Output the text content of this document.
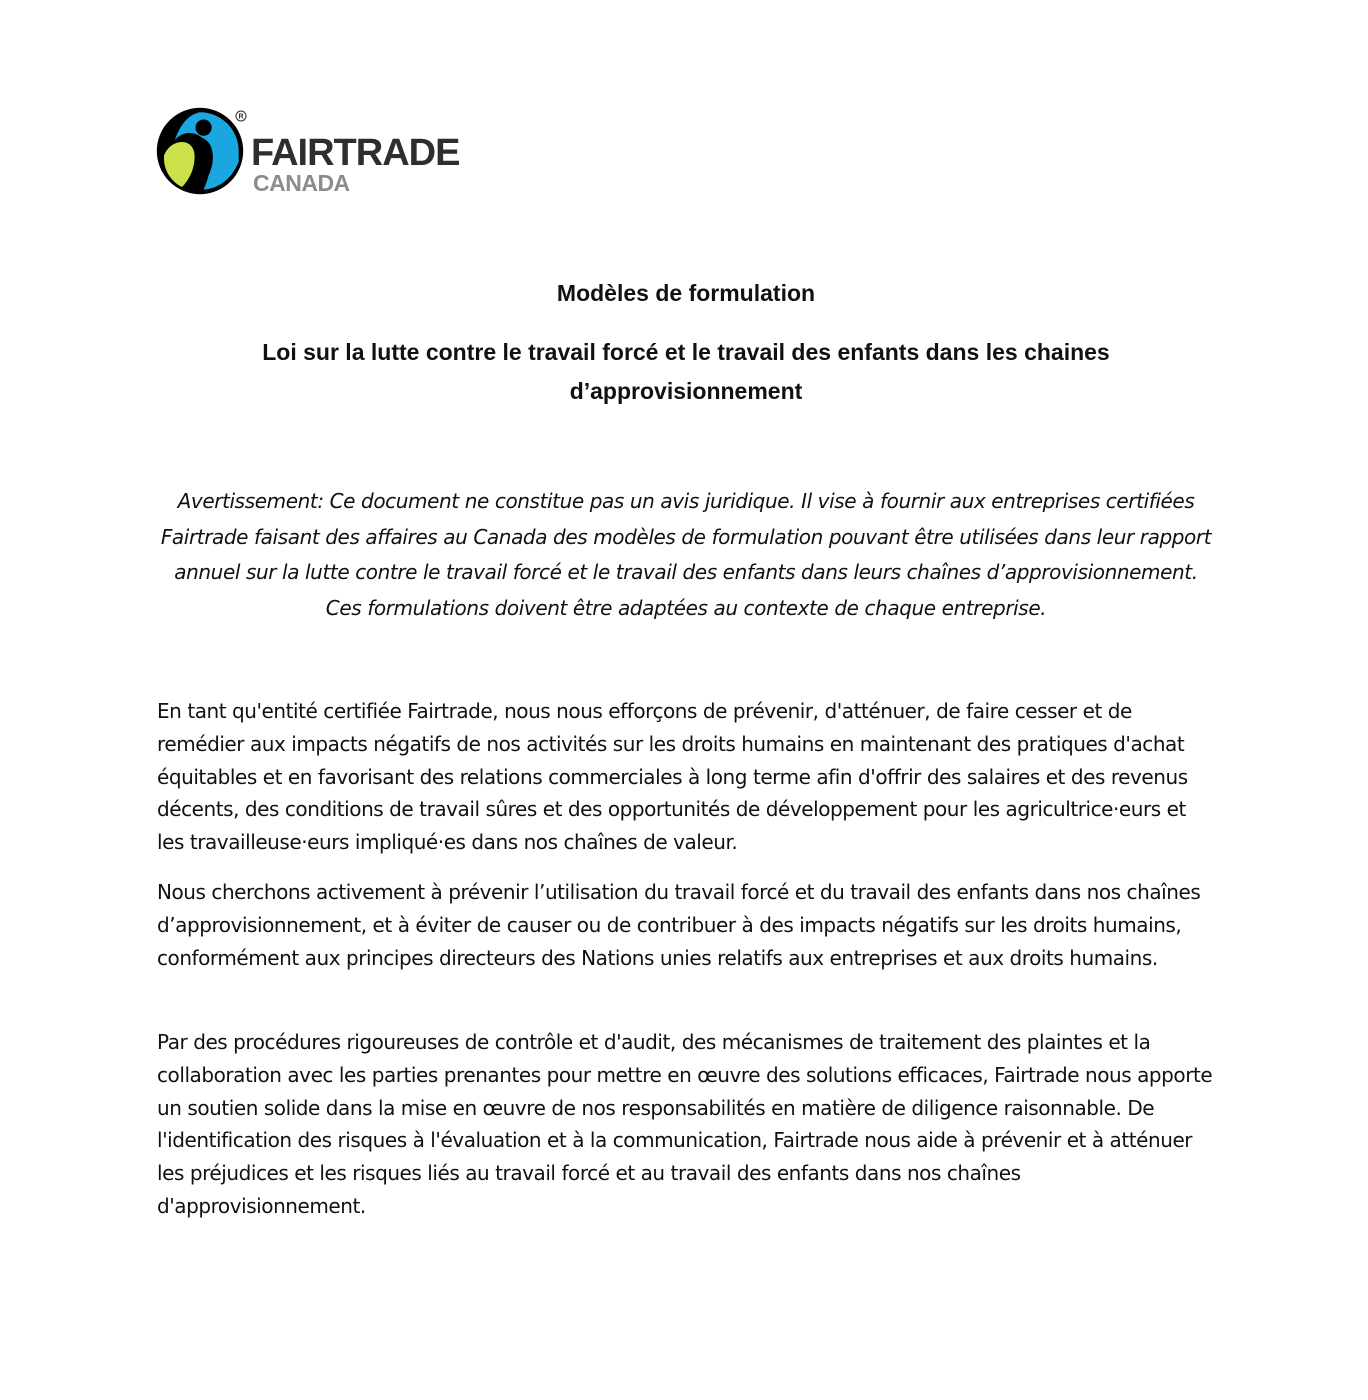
R
FAIRTRADE
CANADA
Modèles de formulation
Loi sur la lutte contre le travail forcé et le travail des enfants dans les chaines d’approvisionnement
Avertissement: Ce document ne constitue pas un avis juridique. Il vise à fournir aux entreprises certifiées Fairtrade faisant des affaires au Canada des modèles de formulation pouvant être utilisées dans leur rapport annuel sur la lutte contre le travail forcé et le travail des enfants dans leurs chaînes d’approvisionnement. Ces formulations doivent être adaptées au contexte de chaque entreprise.

En tant qu'entité certifiée Fairtrade, nous nous efforçons de prévenir, d'atténuer, de faire cesser et de remédier aux impacts négatifs de nos activités sur les droits humains en maintenant des pratiques d'achat équitables et en favorisant des relations commerciales à long terme afin d'offrir des salaires et des revenus décents, des conditions de travail sûres et des opportunités de développement pour les agricultrice·eurs et les travailleuse·eurs impliqué·es dans nos chaînes de valeur.

Nous cherchons activement à prévenir l’utilisation du travail forcé et du travail des enfants dans nos chaînes d’approvisionnement, et à éviter de causer ou de contribuer à des impacts négatifs sur les droits humains, conformément aux principes directeurs des Nations unies relatifs aux entreprises et aux droits humains.

Par des procédures rigoureuses de contrôle et d'audit, des mécanismes de traitement des plaintes et la collaboration avec les parties prenantes pour mettre en œuvre des solutions efficaces, Fairtrade nous apporte un soutien solide dans la mise en œuvre de nos responsabilités en matière de diligence raisonnable. De l'identification des risques à l'évaluation et à la communication, Fairtrade nous aide à prévenir et à atténuer les préjudices et les risques liés au travail forcé et au travail des enfants dans nos chaînes d'approvisionnement.
